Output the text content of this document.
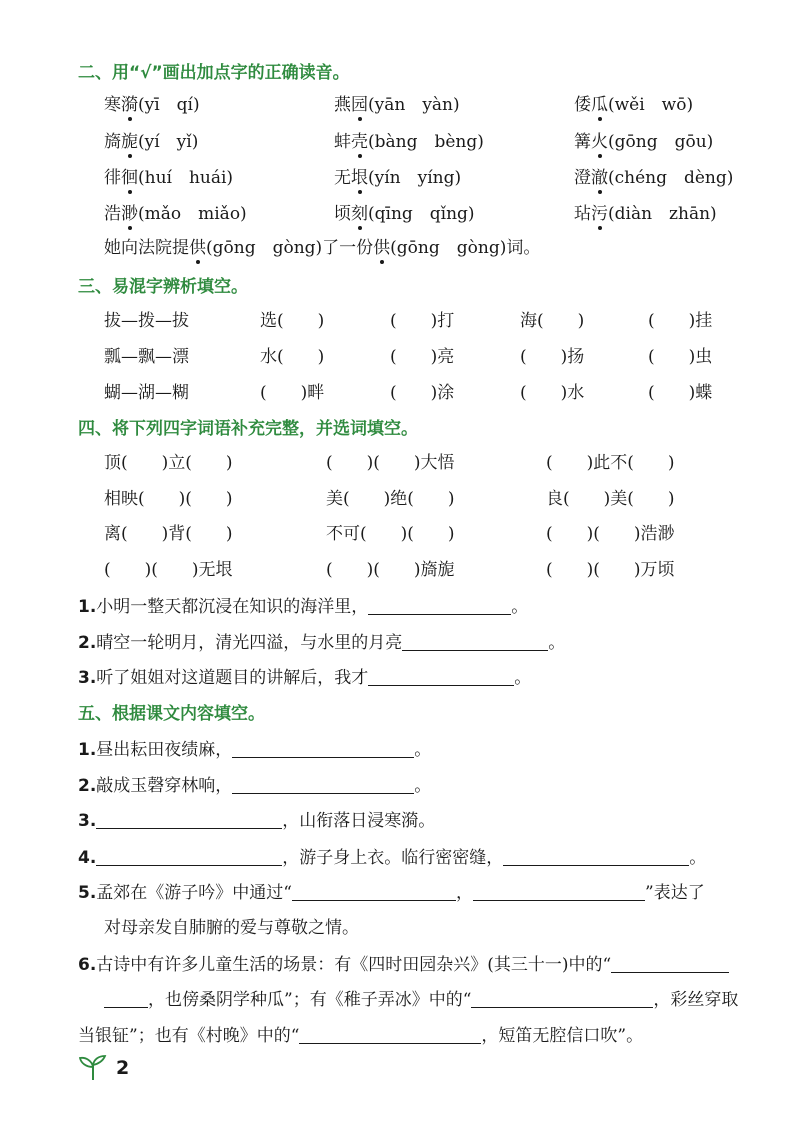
二、用“√”画出加点字的正确读音。
寒漪(yī　qí)	燕园(yān　yàn)	倭瓜(wěi　wō)
旖旎(yí　yǐ)	蚌壳(bàng　bèng)	篝火(gōng　gōu)
徘徊(huí　huái)	无垠(yín　yíng)	澄澈(chéng　dèng)
浩渺(mǎo　miǎo)	顷刻(qīng　qǐng)	玷污(diàn　zhān)
她向法院提供(gōng　gòng)了一份供(gōng　gòng)词。
三、易混字辨析填空。
拔—拨—拔	选(　　)	(　　)打	海(　　)	(　　)挂
瓢—飘—漂	水(　　)	(　　)亮	(　　)扬	(　　)虫
蝴—湖—糊	(　　)畔	(　　)涂	(　　)水	(　　)蝶
四、将下列四字词语补充完整，并选词填空。
顶(　　)立(　　)	(　　)(　　)大悟	(　　)此不(　　)
相映(　　)(　　)	美(　　)绝(　　)	良(　　)美(　　)
离(　　)背(　　)	不可(　　)(　　)	(　　)(　　)浩渺
(　　)(　　)无垠	(　　)(　　)旖旎	(　　)(　　)万顷
1.小明一整天都沉浸在知识的海洋里，	。
2.晴空一轮明月，清光四溢，与水里的月亮	。
3.听了姐姐对这道题目的讲解后，我才	。
五、根据课文内容填空。
1.昼出耘田夜绩麻，	。
2.敲成玉磬穿林响，	。
3.	，山衔落日浸寒漪。
4.	，游子身上衣。临行密密缝，	。
5.孟郊在《游子吟》中通过“	，	”表达了
对母亲发自肺腑的爱与尊敬之情。
6.古诗中有许多儿童生活的场景：有《四时田园杂兴》(其三十一)中的“
，也傍桑阴学种瓜”；有《稚子弄冰》中的“	，彩丝穿取
当银钲”；也有《村晚》中的“	，短笛无腔信口吹”。
2
